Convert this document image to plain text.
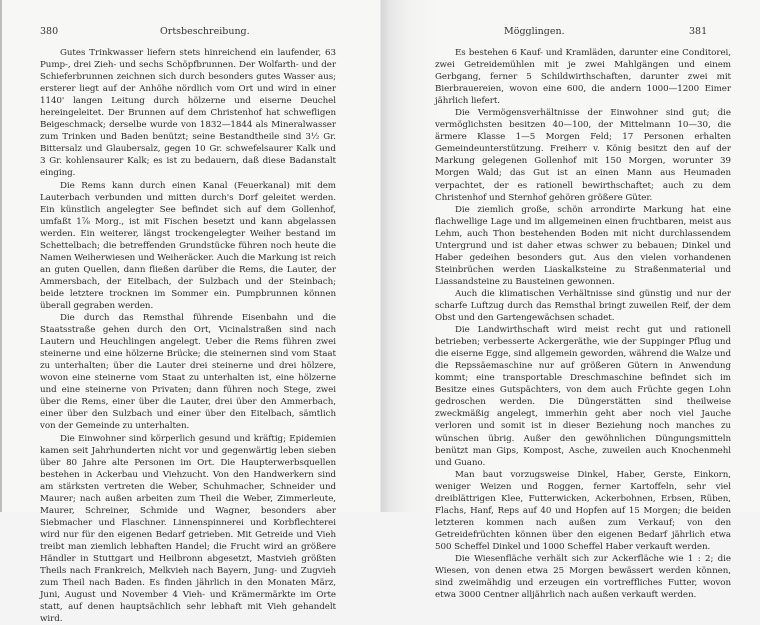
380	Ortsbeschreibung.

Gutes Trinkwasser liefern stets hinreichend ein laufender, 63 Pump-, drei Zieh- und sechs Schöpfbrunnen. Der Wolfarth- und der Schieferbrunnen zeichnen sich durch besonders gutes Wasser aus; ersterer liegt auf der Anhöhe nördlich vom Ort und wird in einer 1140' langen Leitung durch hölzerne und eiserne Deuchel hereingeleitet. Der Brunnen auf dem Christenhof hat schwefligen Beigeschmack; derselbe wurde von 1832—1844 als Mineralwasser zum Trinken und Baden benützt; seine Bestandtheile sind 3½ Gr. Bittersalz und Glaubersalz, gegen 10 Gr. schwefelsaurer Kalk und 3 Gr. kohlensaurer Kalk; es ist zu bedauern, daß diese Badanstalt einging.

Die Rems kann durch einen Kanal (Feuerkanal) mit dem Lauterbach verbunden und mitten durch's Dorf geleitet werden. Ein künstlich angelegter See befindet sich auf dem Gollenhof, umfaßt 1⅞ Morg., ist mit Fischen besetzt und kann abgelassen werden. Ein weiterer, längst trockengelegter Weiher bestand im Schettelbach; die betreffenden Grundstücke führen noch heute die Namen Weiherwiesen und Weiheräcker. Auch die Markung ist reich an guten Quellen, dann fließen darüber die Rems, die Lauter, der Ammersbach, der Eitelbach, der Sulzbach und der Steinbach; beide letztere trocknen im Sommer ein. Pumpbrunnen können überall gegraben werden.

Die durch das Remsthal führende Eisenbahn und die Staatsstraße gehen durch den Ort, Vicinalstraßen sind nach Lautern und Heuchlingen angelegt. Ueber die Rems führen zwei steinerne und eine hölzerne Brücke; die steinernen sind vom Staat zu unterhalten; über die Lauter drei steinerne und drei hölzere, wovon eine steinerne vom Staat zu unterhalten ist, eine hölzerne und eine steinerne von Privaten; dann führen noch Stege, zwei über die Rems, einer über die Lauter, drei über den Ammerbach, einer über den Sulzbach und einer über den Eitelbach, sämtlich von der Gemeinde zu unterhalten.

Die Einwohner sind körperlich gesund und kräftig; Epidemien kamen seit Jahrhunderten nicht vor und gegenwärtig leben sieben über 80 Jahre alte Personen im Ort. Die Haupterwerbsquellen bestehen in Ackerbau und Viehzucht. Von den Handwerkern sind am stärksten vertreten die Weber, Schuhmacher, Schneider und Maurer; nach außen arbeiten zum Theil die Weber, Zimmerleute, Maurer, Schreiner, Schmide und Wagner, besonders aber Siebmacher und Flaschner. Linnenspinnerei und Korbflechterei wird nur für den eigenen Bedarf getrieben. Mit Getreide und Vieh treibt man ziemlich lebhaften Handel; die Frucht wird an größere Händler in Stuttgart und Heilbronn abgesetzt, Mastvieh größten Theils nach Frankreich, Melkvieh nach Bayern, Jung- und Zugvieh zum Theil nach Baden. Es finden jährlich in den Monaten März, Juni, August und November 4 Vieh- und Krämermärkte im Orte statt, auf denen hauptsächlich sehr lebhaft mit Vieh gehandelt wird.

Mögglingen.	381

Es bestehen 6 Kauf- und Kramläden, darunter eine Conditorei, zwei Getreidemühlen mit je zwei Mahlgängen und einem Gerbgang, ferner 5 Schildwirthschaften, darunter zwei mit Bierbrauereien, wovon eine 600, die andern 1000—1200 Eimer jährlich liefert.

Die Vermögensverhältnisse der Einwohner sind gut; die vermöglichsten besitzen 40—100, der Mittelmann 10—30, die ärmere Klasse 1—5 Morgen Feld; 17 Personen erhalten Gemeindeunterstützung. Freiherr v. König besitzt den auf der Markung gelegenen Gollenhof mit 150 Morgen, worunter 39 Morgen Wald; das Gut ist an einen Mann aus Heumaden verpachtet, der es rationell bewirthschaftet; auch zu dem Christenhof und Sternhof gehören größere Güter.

Die ziemlich große, schön arrondirte Markung hat eine flachwellige Lage und im allgemeinen einen fruchtbaren, meist aus Lehm, auch Thon bestehenden Boden mit nicht durchlassendem Untergrund und ist daher etwas schwer zu bebauen; Dinkel und Haber gedeihen besonders gut. Aus den vielen vorhandenen Steinbrüchen werden Liaskalksteine zu Straßenmaterial und Liassandsteine zu Bausteinen gewonnen.

Auch die klimatischen Verhältnisse sind günstig und nur der scharfe Luftzug durch das Remsthal bringt zuweilen Reif, der dem Obst und den Gartengewächsen schadet.

Die Landwirthschaft wird meist recht gut und rationell betrieben; verbesserte Ackergeräthe, wie der Suppinger Pflug und die eiserne Egge, sind allgemein geworden, während die Walze und die Repssäemaschine nur auf größeren Gütern in Anwendung kommt; eine transportable Dreschmaschine befindet sich im Besitze eines Gutspächters, von dem auch Früchte gegen Lohn gedroschen werden. Die Düngerstätten sind theilweise zweckmäßig angelegt, immerhin geht aber noch viel Jauche verloren und somit ist in dieser Beziehung noch manches zu wünschen übrig. Außer den gewöhnlichen Düngungsmitteln benützt man Gips, Kompost, Asche, zuweilen auch Knochenmehl und Guano.

Man baut vorzugsweise Dinkel, Haber, Gerste, Einkorn, weniger Weizen und Roggen, ferner Kartoffeln, sehr viel dreiblättrigen Klee, Futterwicken, Ackerbohnen, Erbsen, Rüben, Flachs, Hanf, Reps auf 40 und Hopfen auf 15 Morgen; die beiden letzteren kommen nach außen zum Verkauf; von den Getreidefrüchten können über den eigenen Bedarf jährlich etwa 500 Scheffel Dinkel und 1000 Scheffel Haber verkauft werden.

Die Wiesenfläche verhält sich zur Ackerfläche wie 1 : 2; die Wiesen, von denen etwa 25 Morgen bewässert werden können, sind zweimähdig und erzeugen ein vortreffliches Futter, wovon etwa 3000 Centner alljährlich nach außen verkauft werden.
